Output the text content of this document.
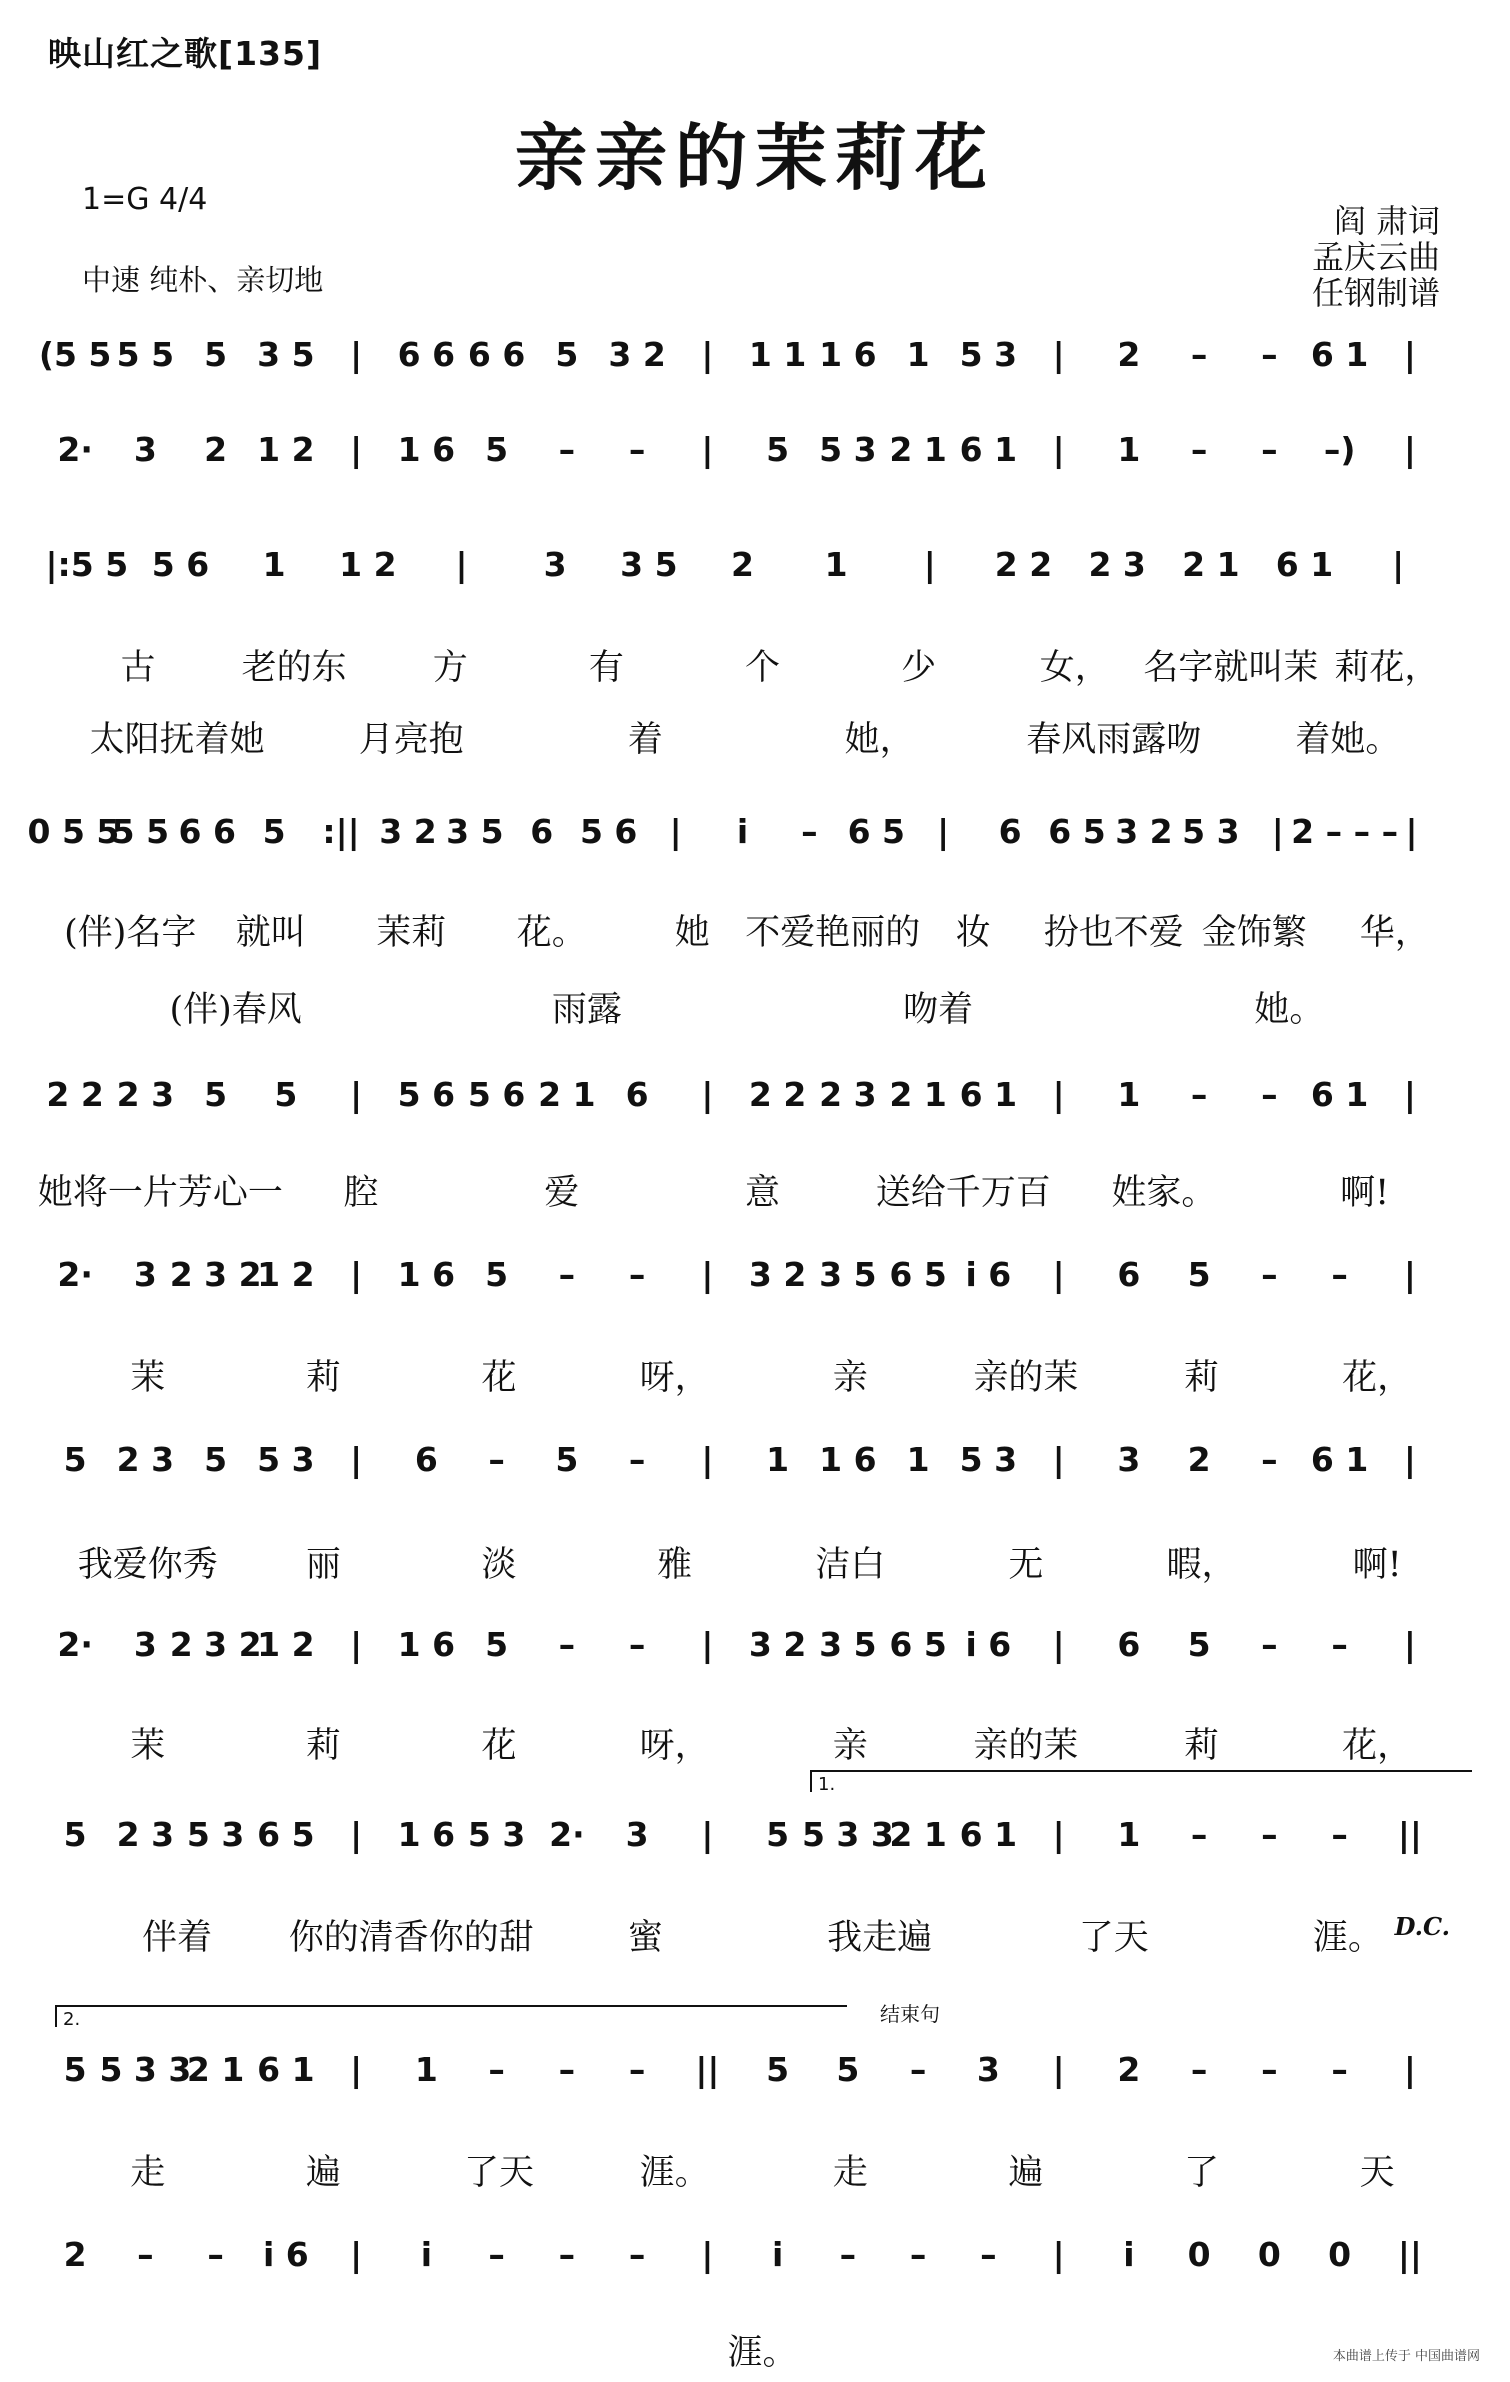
映山红之歌[135]
亲亲的茉莉花
1=G 4/4
中速 纯朴、亲切地
阎 肃词
孟庆云曲
任钢制谱
(5 5 5 5 5 3 5 | 6 6 6 6 5 3 2 | 1 1 1 6 1 5 3 | 2 – – 6 1 |
2· 3 2 1 2 | 1 6 5 – – | 5 5 3 2 1 6 1 | 1 – – –) |
|:5 5 5 6 1 1 2 | 3 3 5 2 1 | 2 2 2 3 2 1 6 1 |
古 老的东 方	有	个	少	女， 名字就叫茉 莉花，
太阳抚着她	月亮抱	着	她，	春风雨露吻	着她。
0 5 5
5 5 6 6 5 :|| 3 2 3 5 6 5 6 | i – 6 5 | 6 6 5 3 2 5 3 | 2 – – – |
(伴)名字 就叫 茉莉 花。	她 不爱艳丽的 妆 扮也不爱 金饰繁 华，
(伴)春风	雨露	吻着	她。
2 2 2 3 5 5 | 5 6 5 6 2 1 6 | 2 2 2 3 2 1 6 1 | 1 – – 6 1 |
她将一片芳心一 腔	爱	意	送给千万百 姓家。	啊!
2· 3 2 3 2
1 2 | 1 6 5 – – | 3 2 3 5 6 5 i 6 | 6 5 – – |
茉	莉	花	呀，	亲	亲的茉	莉	花，
5 2 3 5 5 3 | 6 – 5 – | 1 1 6 1 5 3 | 3 2 – 6 1 |
我爱你秀	丽	淡	雅	洁白	无	暇，	啊!
2· 3 2 3 2
1 2 | 1 6 5 – – | 3 2 3 5 6 5 i 6 | 6 5 – – |
茉	莉	花	呀，	亲	亲的茉	莉	花，
5 2 3 5 3 6 5 | 1 6 5 3 2· 3 | 5 5 3 3
2 1 6 1 | 1 – – – ||
1.
伴着 你的清香你的甜	蜜	我走遍	了天	涯。
5 5 3 3
2 1 6 1 | 1 – – – || 5 5 – 3 | 2 – – – |
2.	结束句
走	遍	了天	涯。	走	遍	了	天
2 – – i 6 | i – – – | i – – – | i 0 0 0 ||
涯。
D.C.
本曲谱上传于 中国曲谱网
